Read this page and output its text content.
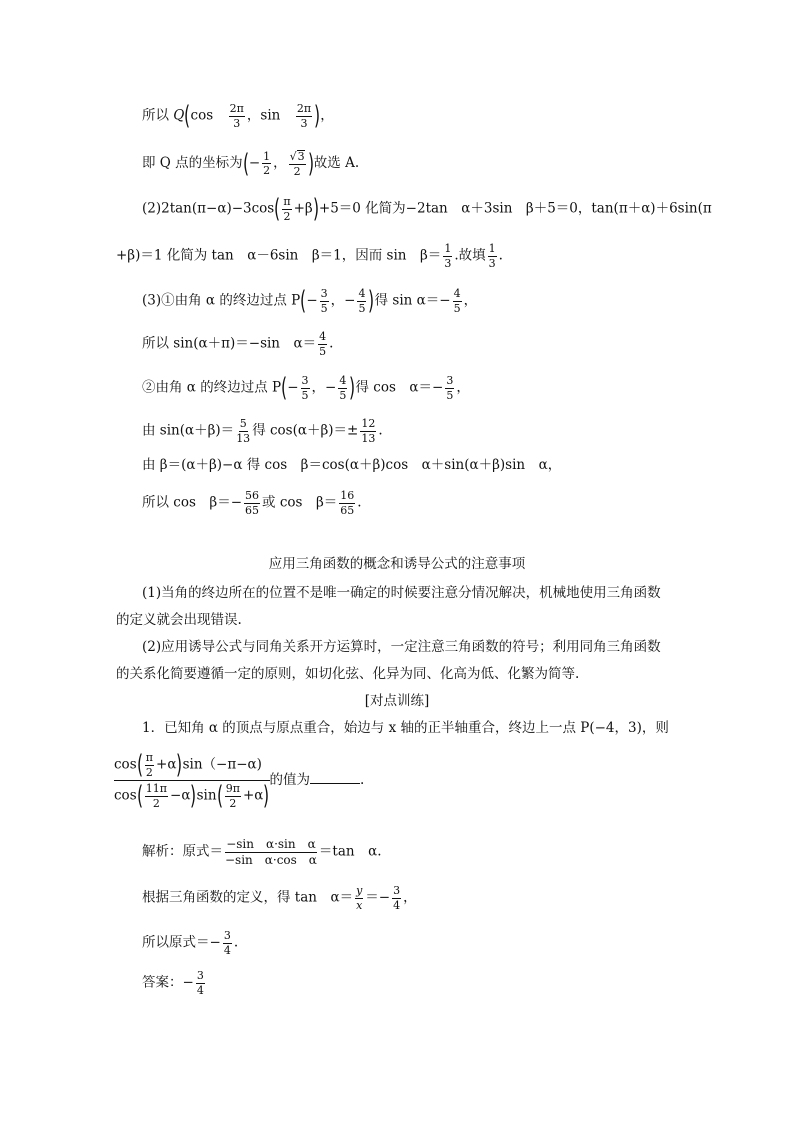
所以 Q(cos  $\frac{2\pi}{3}$ ，sin  $\frac{2\pi}{3}$ )，
即 Q 点的坐标为(− $\frac{1}{2}$ ， $\frac{√3}{2}$ )故选 A.
$(2)2\tan(\pi-\alpha)-3\cos( \frac{\pi}{2} +\beta)+5=0$ 化简为−2tan　α＋3sin　β＋5＝0，tan(π＋α)＋6sin(π
+β)＝1 化简为 tan　α－6sin　β＝1，因而 sin　$\beta= \frac{1}{3}$ .故填 $\frac{1}{3}$ .
(3)①由角 α 的终边过点 $P(- \frac{3}{5}$ ，− $\frac{4}{5}$ )得 $\sin \alpha=- \frac{4}{5}$ ，
所以 sin(α＋π)＝−sin　$\alpha= \frac{4}{5}$ .
②由角 α 的终边过点 $P(- \frac{3}{5}$ ，− $\frac{4}{5}$ )得 cos　$\alpha=- \frac{3}{5}$ ，
由 $\sin(\alpha+\beta)= \frac{5}{13}$ 得 $\cos(\alpha+\beta)=\pm \frac{12}{13}$ .
由 β＝(α＋β)−α 得 cos　β＝cos(α＋β)cos　α＋sin(α＋β)sin　α，
所以 cos　$\beta=- \frac{56}{65}$ 或 cos　$\beta= \frac{16}{65}$ .
应用三角函数的概念和诱导公式的注意事项
(1)当角的终边所在的位置不是唯一确定的时候要注意分情况解决，机械地使用三角函数
的定义就会出现错误.
(2)应用诱导公式与同角关系开方运算时，一定注意三角函数的符号；利用同角三角函数
的关系化简要遵循一定的原则，如切化弦、化异为同、化高为低、化繁为简等.
[对点训练]
1．已知角 α 的顶点与原点重合，始边与 x 轴的正半轴重合，终边上一点 P(−4，3)，则
$\frac{\cos( \frac{\pi}{2} +\alpha)\sin(-\pi-\alpha)}{\cos( \frac{11\pi}{2} -\alpha)\sin( \frac{9\pi}{2} +\alpha)}$ 的值为	.
解析：原式＝ $\frac{\text{−sin　α·sin　α}}{\text{−sin　α·cos　α}} =\tan$　α.
根据三角函数的定义，得 tan　$\alpha= \frac{y}{x} =- \frac{3}{4}$ ，
所以原式＝− $\frac{3}{4}$ .
答案：− $\frac{3}{4}$
